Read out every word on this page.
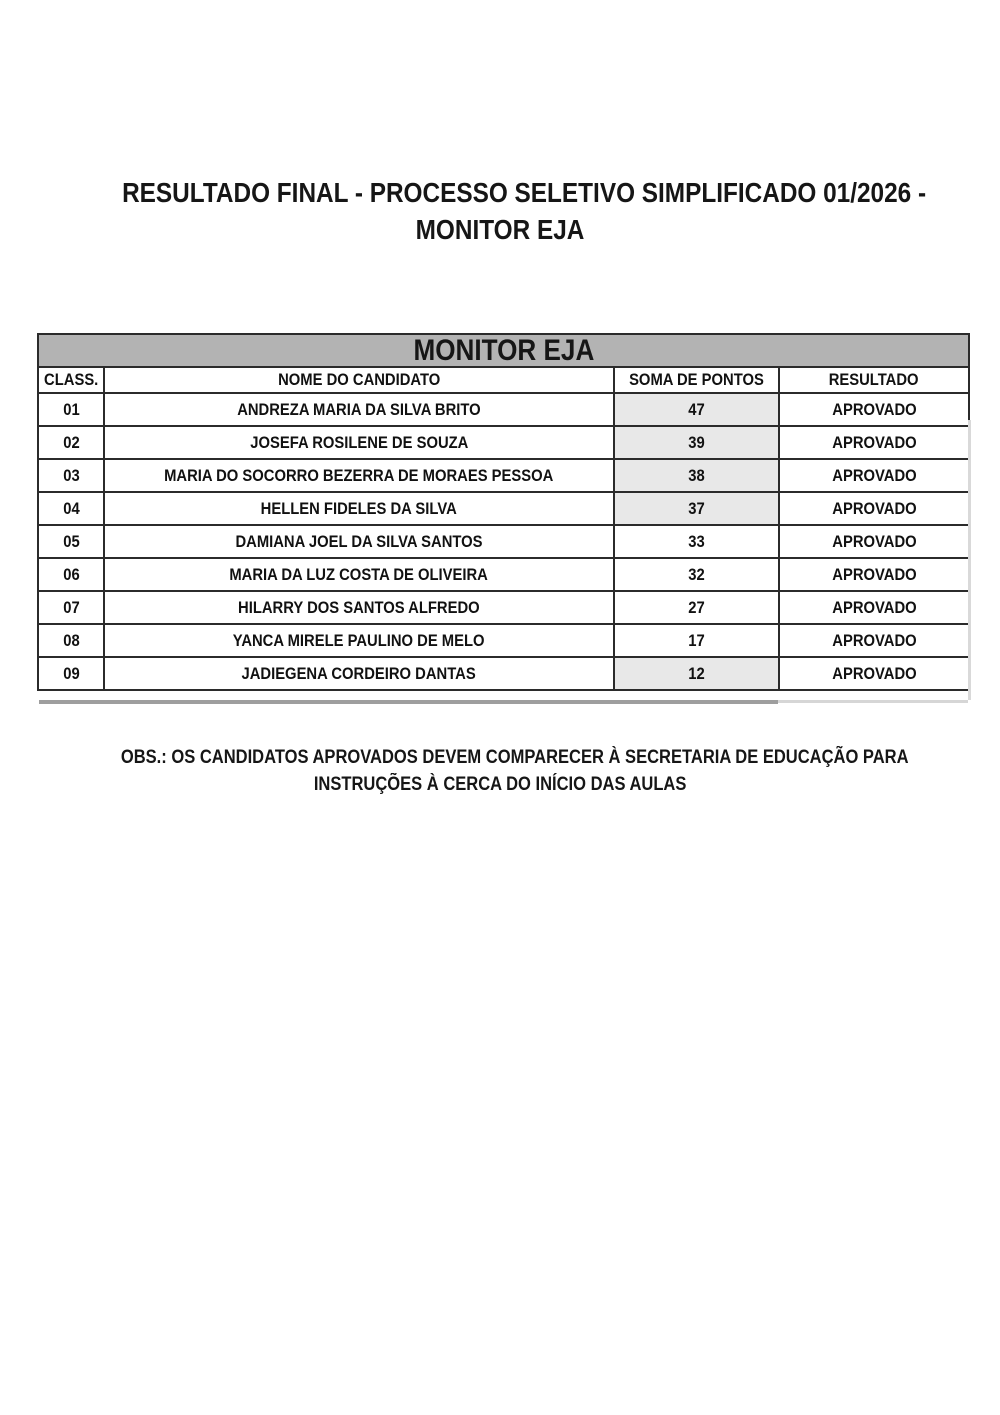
RESULTADO FINAL - PROCESSO SELETIVO SIMPLIFICADO 01/2026 -
MONITOR EJA
MONITOR EJA			
CLASS.	NOME DO CANDIDATO	SOMA DE PONTOS	RESULTADO
01	ANDREZA MARIA DA SILVA BRITO	47	APROVADO
02	JOSEFA ROSILENE DE SOUZA	39	APROVADO
03	MARIA DO SOCORRO BEZERRA DE MORAES PESSOA	38	APROVADO
04	HELLEN FIDELES DA SILVA	37	APROVADO
05	DAMIANA JOEL DA SILVA SANTOS	33	APROVADO
06	MARIA DA LUZ COSTA DE OLIVEIRA	32	APROVADO
07	HILARRY DOS SANTOS ALFREDO	27	APROVADO
08	YANCA MIRELE PAULINO DE MELO	17	APROVADO
09	JADIEGENA CORDEIRO DANTAS	12	APROVADO
OBS.: OS CANDIDATOS APROVADOS DEVEM COMPARECER À SECRETARIA DE EDUCAÇÃO PARA
INSTRUÇÕES À CERCA DO INÍCIO DAS AULAS
